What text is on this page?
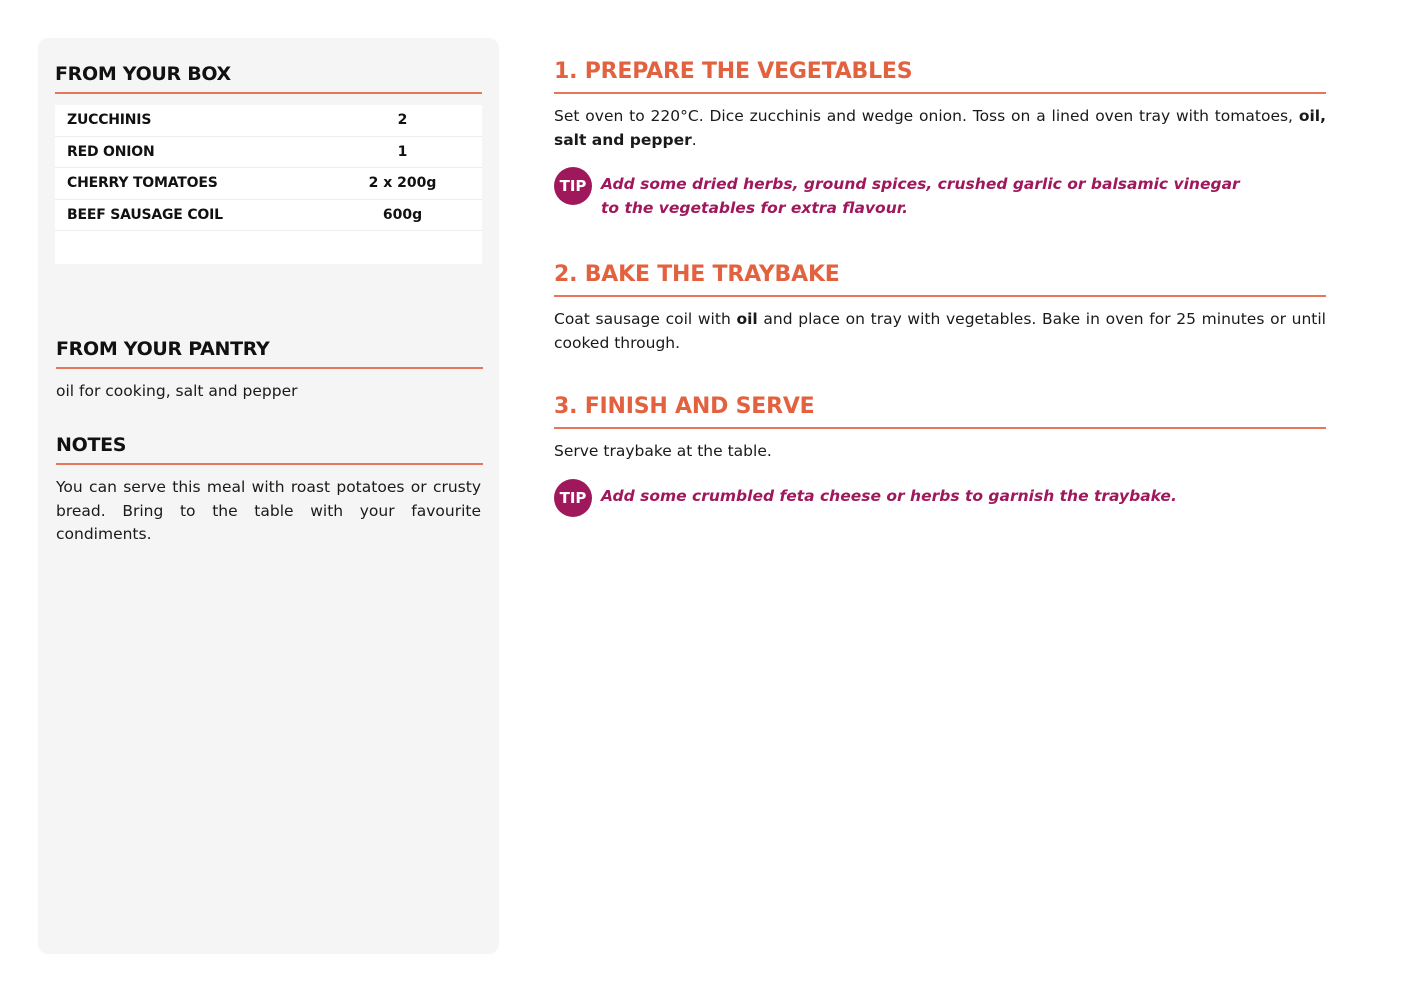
FROM YOUR BOX
ZUCCHINIS	2
RED ONION	1
CHERRY TOMATOES	2 x 200g
BEEF SAUSAGE COIL	600g
FROM YOUR PANTRY
oil for cooking, salt and pepper
NOTES
You can serve this meal with roast potatoes or crusty bread. Bring to the table with your favourite condiments.
1. PREPARE THE VEGETABLES
Set oven to 220°C. Dice zucchinis and wedge onion. Toss on a lined oven tray with tomatoes, oil, salt and pepper.
TIP Add some dried herbs, ground spices, crushed garlic or balsamic vinegar to the vegetables for extra flavour.
2. BAKE THE TRAYBAKE
Coat sausage coil with oil and place on tray with vegetables. Bake in oven for 25 minutes or until cooked through.
3. FINISH AND SERVE
Serve traybake at the table.
TIP Add some crumbled feta cheese or herbs to garnish the traybake.
